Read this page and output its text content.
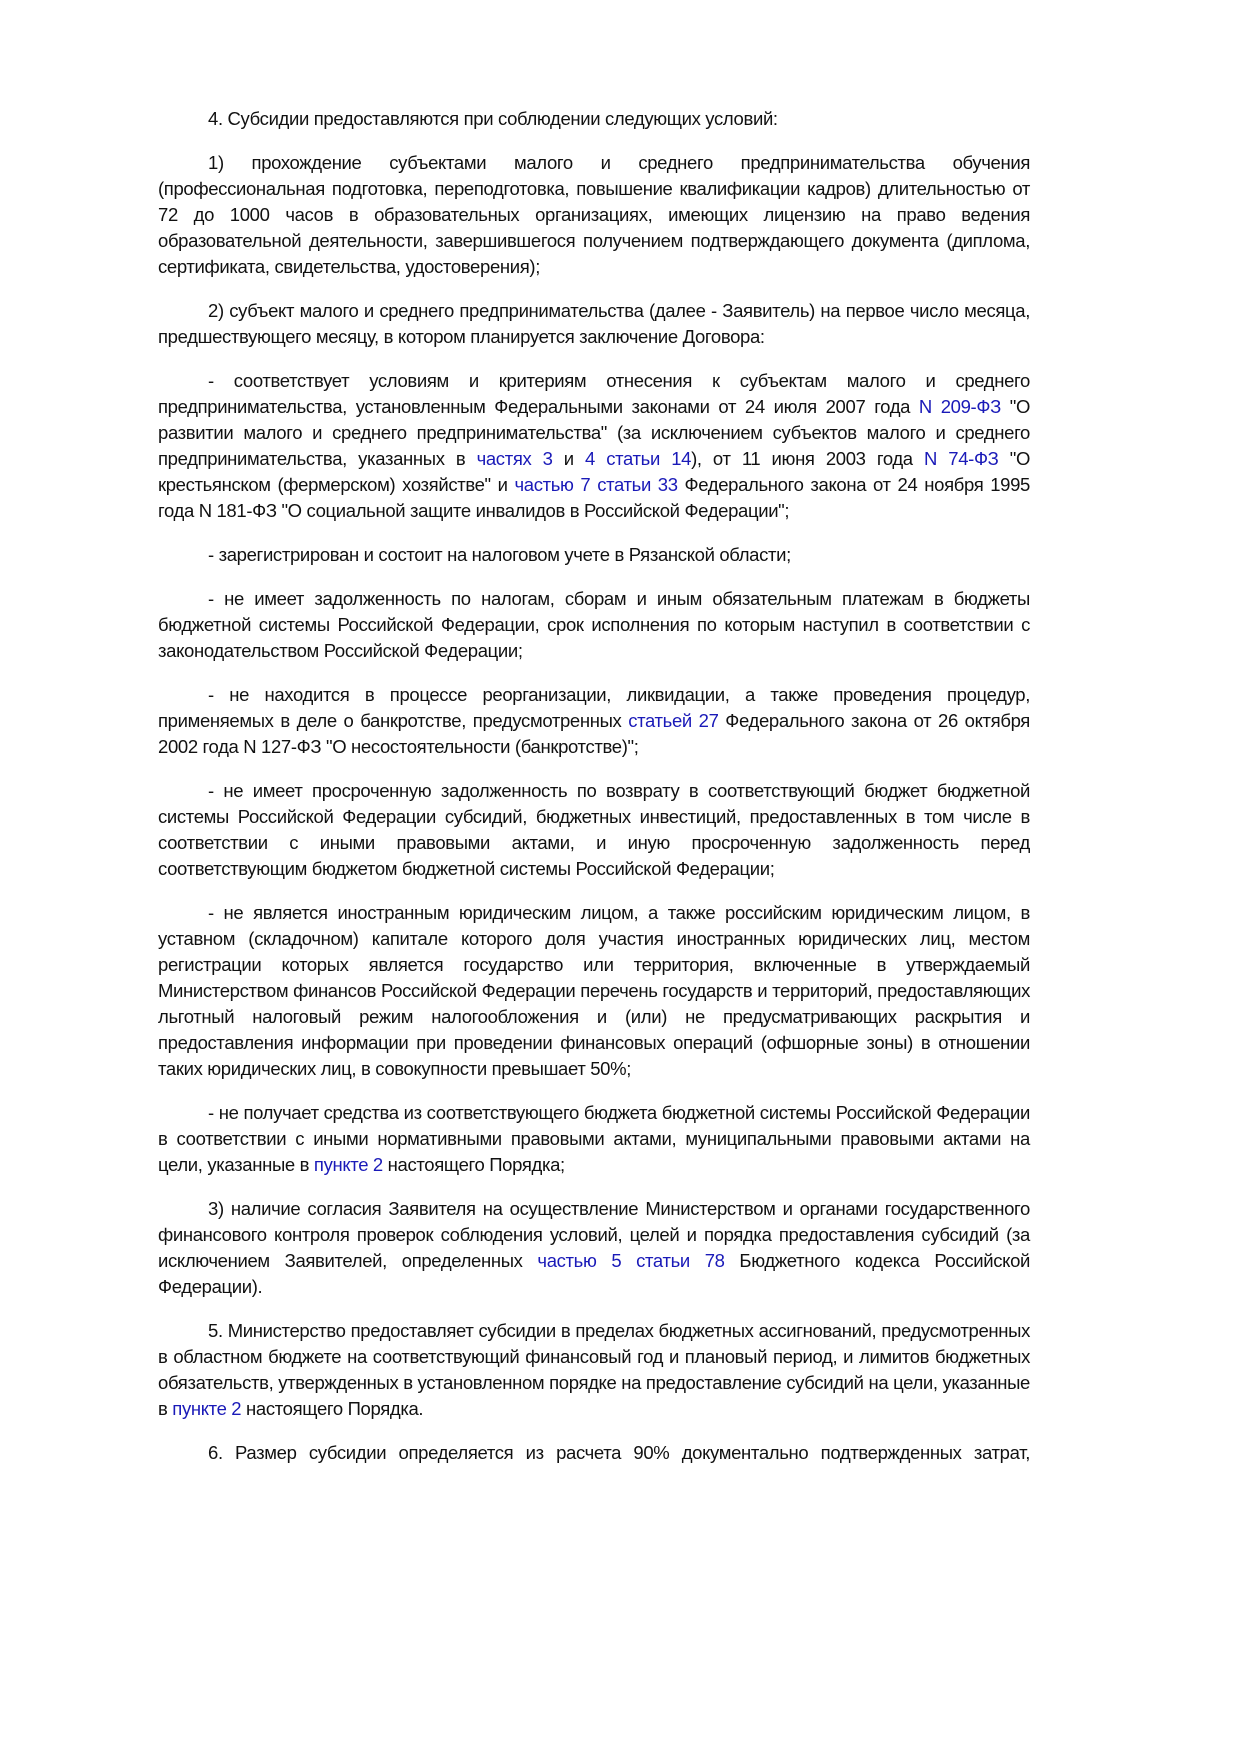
4. Субсидии предоставляются при соблюдении следующих условий:

1) прохождение субъектами малого и среднего предпринимательства обучения (профессиональная подготовка, переподготовка, повышение квалификации кадров) длительностью от 72 до 1000 часов в образовательных организациях, имеющих лицензию на право ведения образовательной деятельности, завершившегося получением подтверждающего документа (диплома, сертификата, свидетельства, удостоверения);

2) субъект малого и среднего предпринимательства (далее - Заявитель) на первое число месяца, предшествующего месяцу, в котором планируется заключение Договора:

- соответствует условиям и критериям отнесения к субъектам малого и среднего предпринимательства, установленным Федеральными законами от 24 июля 2007 года N 209-ФЗ "О развитии малого и среднего предпринимательства" (за исключением субъектов малого и среднего предпринимательства, указанных в частях 3 и 4 статьи 14), от 11 июня 2003 года N 74-ФЗ "О крестьянском (фермерском) хозяйстве" и частью 7 статьи 33 Федерального закона от 24 ноября 1995 года N 181-ФЗ "О социальной защите инвалидов в Российской Федерации";

- зарегистрирован и состоит на налоговом учете в Рязанской области;

- не имеет задолженность по налогам, сборам и иным обязательным платежам в бюджеты бюджетной системы Российской Федерации, срок исполнения по которым наступил в соответствии с законодательством Российской Федерации;

- не находится в процессе реорганизации, ликвидации, а также проведения процедур, применяемых в деле о банкротстве, предусмотренных статьей 27 Федерального закона от 26 октября 2002 года N 127-ФЗ "О несостоятельности (банкротстве)";

- не имеет просроченную задолженность по возврату в соответствующий бюджет бюджетной системы Российской Федерации субсидий, бюджетных инвестиций, предоставленных в том числе в соответствии с иными правовыми актами, и иную просроченную задолженность перед соответствующим бюджетом бюджетной системы Российской Федерации;

- не является иностранным юридическим лицом, а также российским юридическим лицом, в уставном (складочном) капитале которого доля участия иностранных юридических лиц, местом регистрации которых является государство или территория, включенные в утверждаемый Министерством финансов Российской Федерации перечень государств и территорий, предоставляющих льготный налоговый режим налогообложения и (или) не предусматривающих раскрытия и предоставления информации при проведении финансовых операций (офшорные зоны) в отношении таких юридических лиц, в совокупности превышает 50%;

- не получает средства из соответствующего бюджета бюджетной системы Российской Федерации в соответствии с иными нормативными правовыми актами, муниципальными правовыми актами на цели, указанные в пункте 2 настоящего Порядка;

3) наличие согласия Заявителя на осуществление Министерством и органами государственного финансового контроля проверок соблюдения условий, целей и порядка предоставления субсидий (за исключением Заявителей, определенных частью 5 статьи 78 Бюджетного кодекса Российской Федерации).

5. Министерство предоставляет субсидии в пределах бюджетных ассигнований, предусмотренных в областном бюджете на соответствующий финансовый год и плановый период, и лимитов бюджетных обязательств, утвержденных в установленном порядке на предоставление субсидий на цели, указанные в пункте 2 настоящего Порядка.

6. Размер субсидии определяется из расчета 90% документально подтвержденных затрат,
